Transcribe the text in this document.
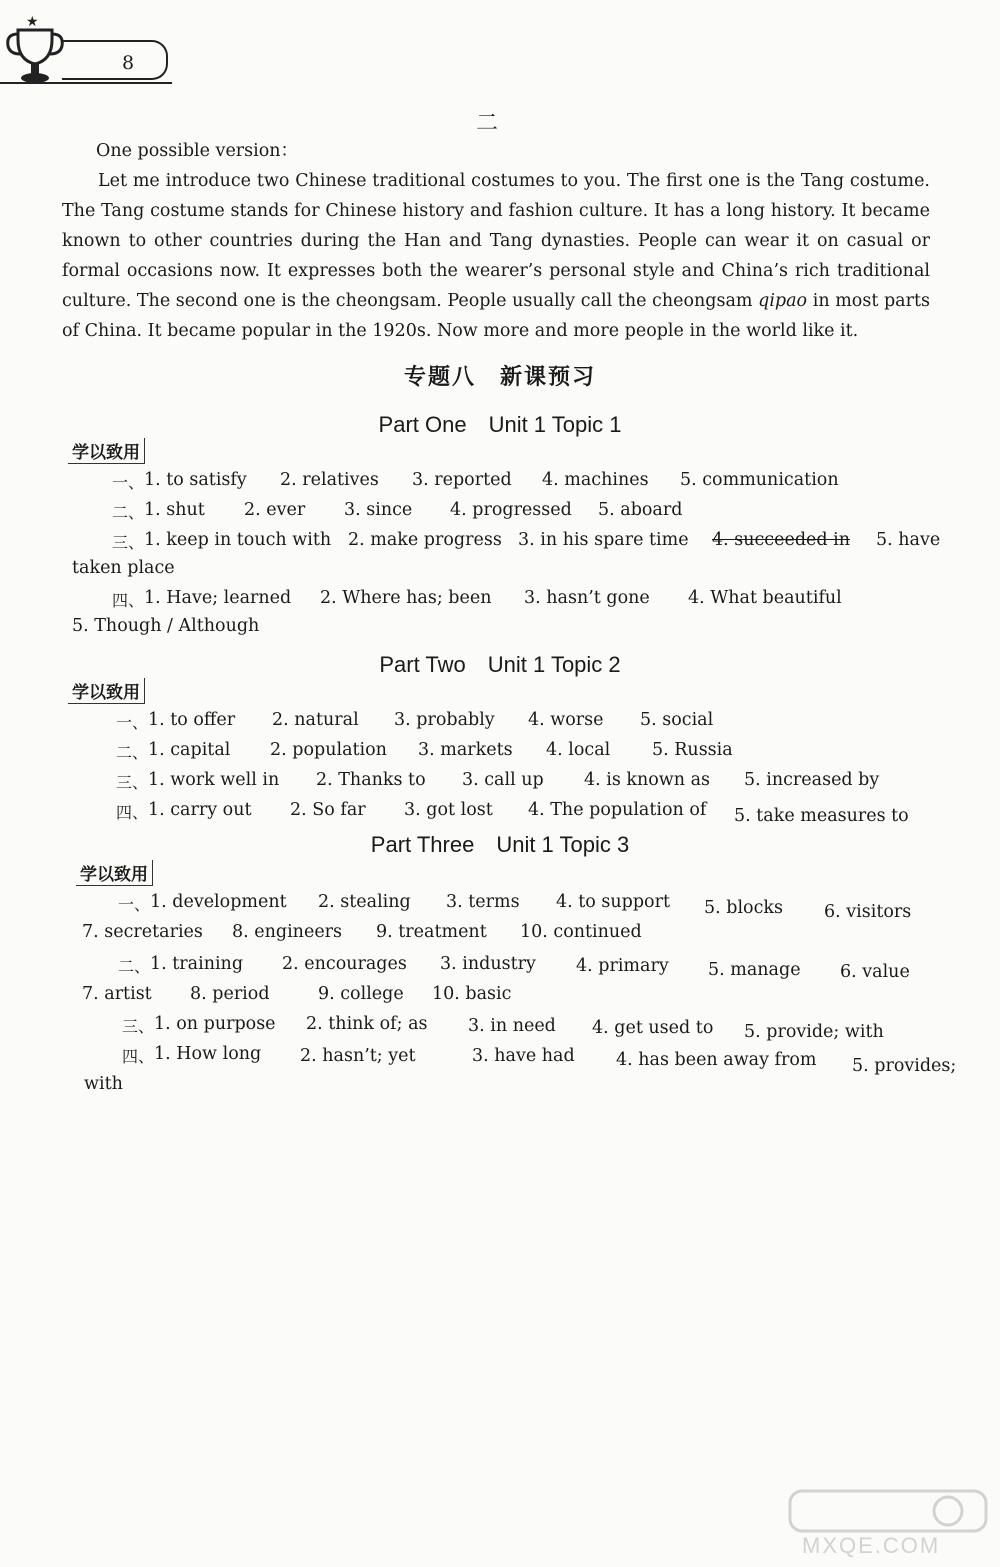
★
8
二
One possible version：
Let me introduce two Chinese traditional costumes to you. The first one is the Tang costume. The Tang costume stands for Chinese history and fashion culture. It has a long history. It became known to other countries during the Han and Tang dynasties. People can wear it on casual or formal occasions now. It expresses both the wearer’s personal style and China’s rich traditional culture. The second one is the cheongsam. People usually call the cheongsam qipao in most parts of China. It became popular in the 1920s. Now more and more people in the world like it.
专题八　新课预习
Part One　Unit 1 Topic 1
学以致用
一、 1. to satisfy 2. relatives 3. reported 4. machines 5. communication
二、 1. shut 2. ever 3. since 4. progressed 5. aboard
三、 1. keep in touch with 2. make progress 3. in his spare time 4. succeeded in 5. have
taken place
四、 1. Have; learned 2. Where has; been 3. hasn’t gone 4. What beautiful
5. Though / Although
Part Two　Unit 1 Topic 2
学以致用
一、 1. to offer 2. natural 3. probably 4. worse 5. social
二、 1. capital 2. population 3. markets 4. local 5. Russia
三、 1. work well in 2. Thanks to 3. call up 4. is known as 5. increased by
四、 1. carry out 2. So far 3. got lost 4. The population of 5. take measures to
Part Three　Unit 1 Topic 3
学以致用
一、 1. development 2. stealing 3. terms 4. to support 5. blocks 6. visitors
7. secretaries 8. engineers 9. treatment 10. continued
二、 1. training 2. encourages 3. industry 4. primary 5. manage 6. value
7. artist 8. period	9. college 10. basic
三、 1. on purpose 2. think of; as 3. in need 4. get used to 5. provide; with
四、 1. How long 2. hasn’t; yet	3. have had 4. has been away from 5. provides;
with
MXQE.COM
